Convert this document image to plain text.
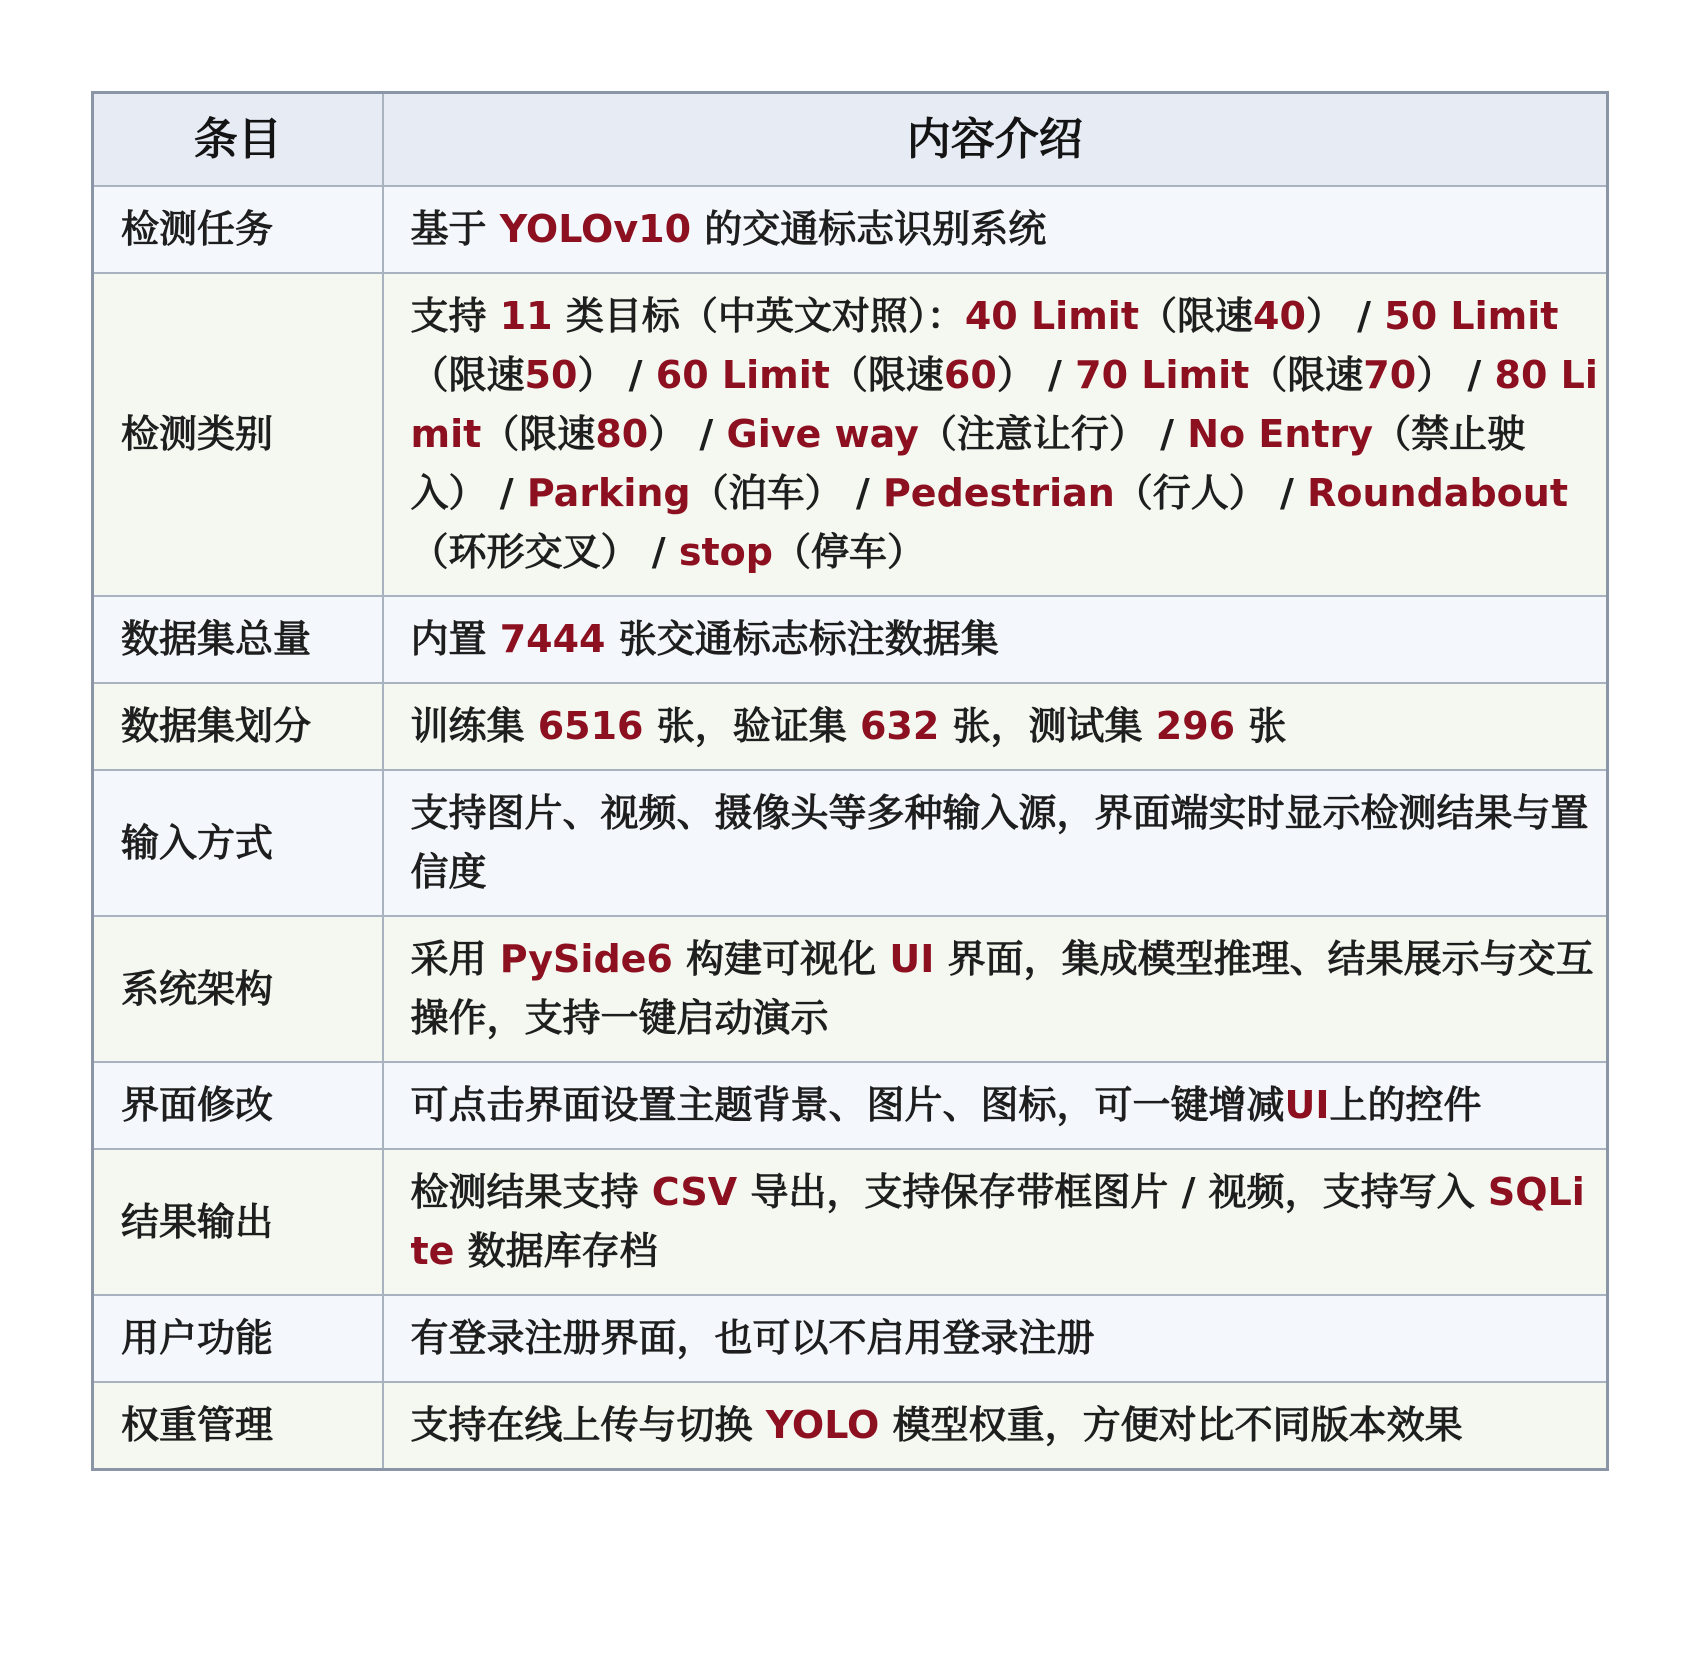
条目	内容介绍
检测任务	基于 YOLOv10 的交通标志识别系统
检测类别	支持 11 类目标（中英文对照）：40 Limit（限速40） / 50 Limit（限速50） / 60 Limit（限速60） / 70 Limit（限速70） / 80 Limit（限速80） / Give way（注意让行） / No Entry（禁止驶入） / Parking（泊车） / Pedestrian（行人） / Roundabout（环形交叉） / stop（停车）
数据集总量	内置 7444 张交通标志标注数据集
数据集划分	训练集 6516 张，验证集 632 张，测试集 296 张
输入方式	支持图片、视频、摄像头等多种输入源，界面端实时显示检测结果与置信度
系统架构	采用 PySide6 构建可视化 UI 界面，集成模型推理、结果展示与交互操作，支持一键启动演示
界面修改	可点击界面设置主题背景、图片、图标，可一键增减UI上的控件
结果输出	检测结果支持 CSV 导出，支持保存带框图片 / 视频，支持写入 SQLite 数据库存档
用户功能	有登录注册界面，也可以不启用登录注册
权重管理	支持在线上传与切换 YOLO 模型权重，方便对比不同版本效果
